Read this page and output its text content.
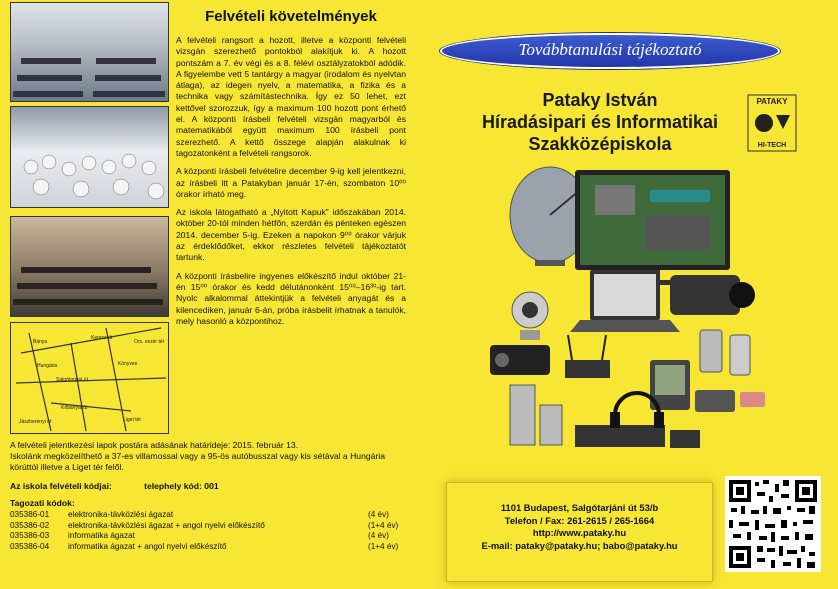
Bánya
Keresz út
Hungária
Salgótarjáni út
Kőbányai út
Liget tér
Ors. vezér tér
Könyves
Jászberényi út
Felvételi követelmények

A felvételi rangsort a hozott, illetve a központi felvételi vizsgán szerezhető pontokból alakítjuk ki. A hozott pontszám a 7. év végi és a 8. félévi osztályzatokból adódik. A figyelembe vett 5 tantárgy a magyar (irodalom és nyelvtan átlaga), az idegen nyelv, a matematika, a fizika és a technika vagy számítástechnika. Így ez 50 lehet, ezt kettővel szorozzuk, így a maximum 100 hozott pont érhető el. A központi írásbeli felvételi vizsgán magyarból és matematikából együtt maximum 100 írásbeli pont szerezhető. A kettő összege alapján alakulnak ki tagozatonként a felvételi rangsorok.

A központi írásbeli felvételire december 9-ig kell jelentkezni, az írásbeli itt a Patakyban január 17-én, szombaton 10⁰⁰ órakor írható meg.

Az iskola látogatható a „Nyitott Kapuk” időszakában 2014. október 20-tól minden hétfőn, szerdán és pénteken egészen 2014. december 5-ig. Ezeken a napokon 9⁰⁰ órakor várjuk az érdeklődőket, ekkor részletes felvételi tájékoztatót tartunk.

A központi írásbelire ingyenes előkészítő indul október 21-én 15⁰⁰ órakor és kedd délutánonként 15⁰⁰–16³⁰-ig tart. Nyolc alkalommal áttekintjük a felvételi anyagát és a kilencediken, január 6-án, próba írásbelit írhatnak a tanulók, mely hasonló a központihoz.

A felvételi jelentkezési lapok postára adásának határideje: 2015. február 13.

Iskolánk megközelíthető a 37-es villamossal vagy a 95-ös autóbusszal vagy kis sétával a Hungária körúttól illetve a Liget tér felől.

Az iskola felvételi kódjai:	telephely kód: 001

Tagozati kódok:

035386-01	elektronika-távközlési ágazat	(4 év)
035386-02	elektronika-távközlési ágazat + angol nyelvi előkészítő	(1+4 év)
035386-03	informatika ágazat	(4 év)
035386-04	informatika ágazat + angol nyelvi előkészítő	(1+4 év)
Továbbtanulási tájékoztató
Pataky István
Híradásipari és Informatikai
Szakközépiskola
PATAKY
HI-TECH
1101 Budapest, Salgótarjáni út 53/b
Telefon / Fax: 261-2615 / 265-1664
http://www.pataky.hu
E-mail: pataky@pataky.hu; babo@pataky.hu
